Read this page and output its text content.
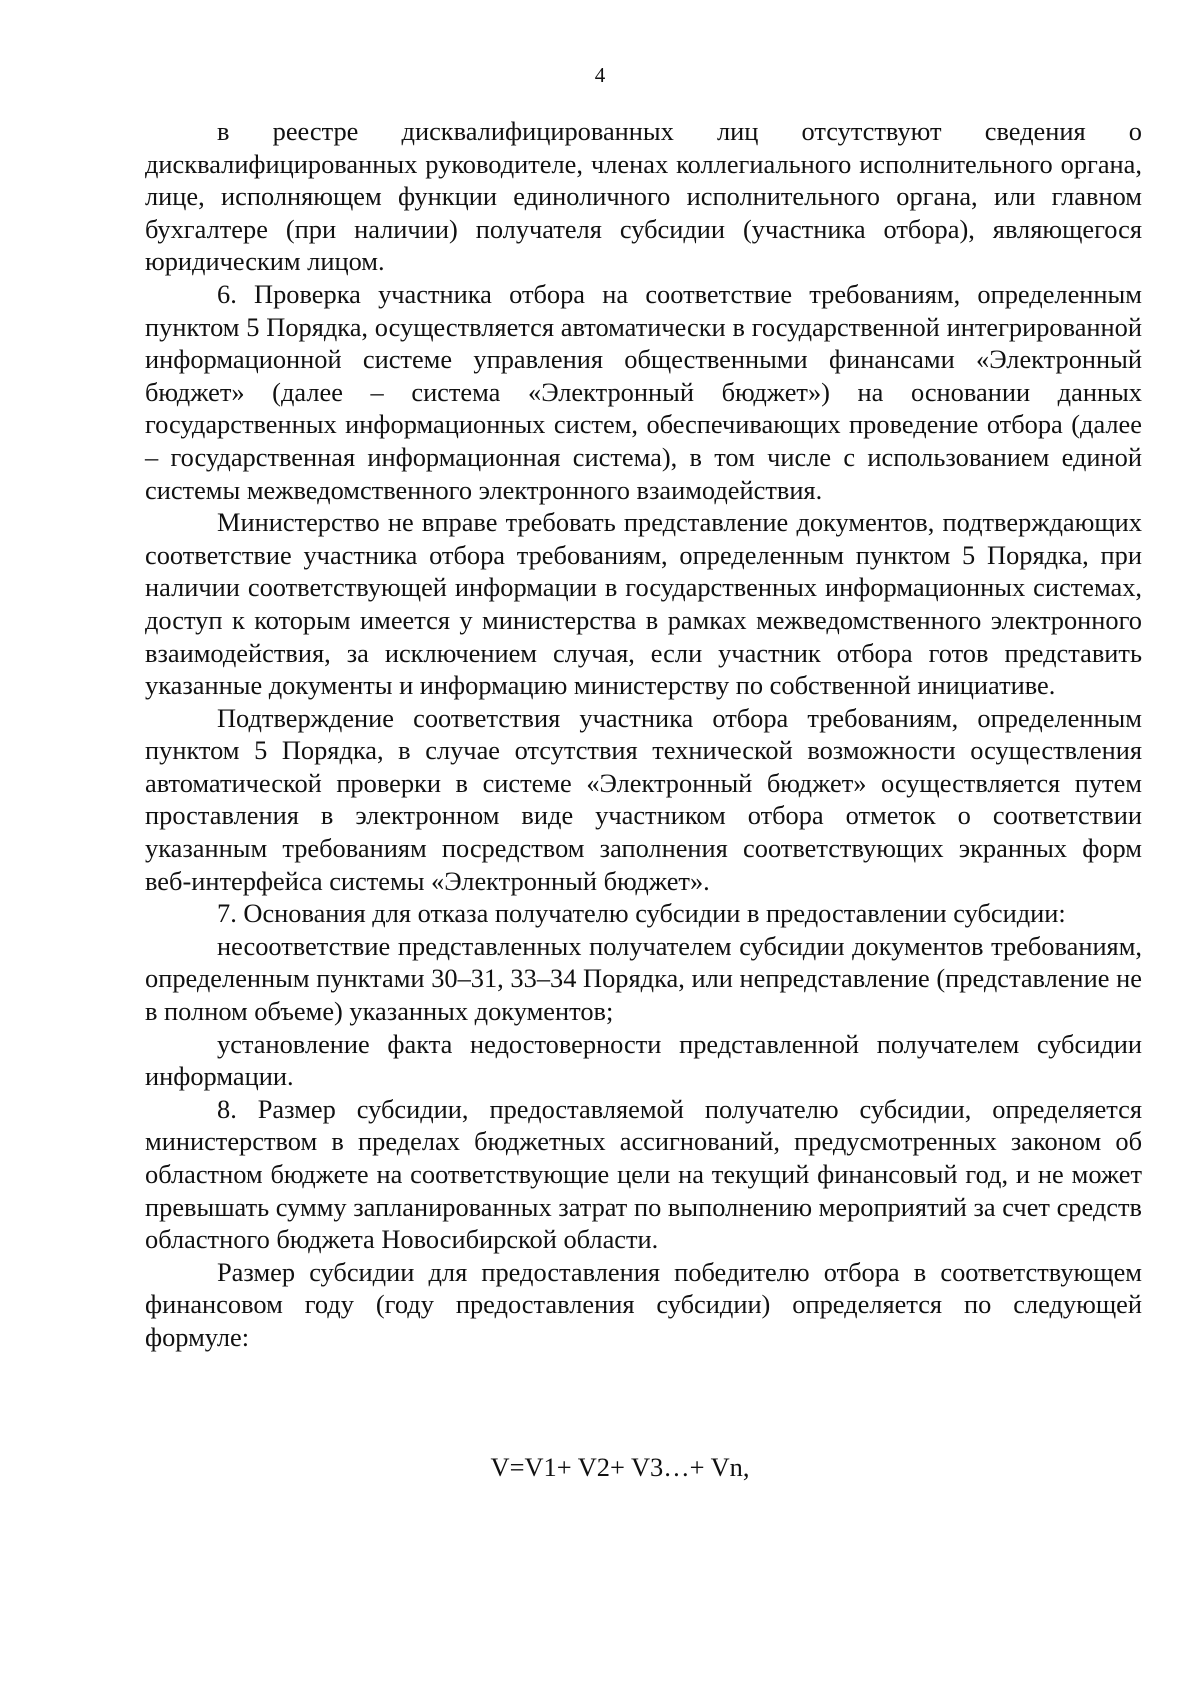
4

в реестре дисквалифицированных лиц отсутствуют сведения о дисквалифицированных руководителе, членах коллегиального исполнительного органа, лице, исполняющем функции единоличного исполнительного органа, или главном бухгалтере (при наличии) получателя субсидии (участника отбора), являющегося юридическим лицом.

6. Проверка участника отбора на соответствие требованиям, определенным пунктом 5 Порядка, осуществляется автоматически в государственной интегрированной информационной системе управления общественными финансами «Электронный бюджет» (далее – система «Электронный бюджет») на основании данных государственных информационных систем, обеспечивающих проведение отбора (далее – государственная информационная система), в том числе с использованием единой системы межведомственного электронного взаимодействия.

Министерство не вправе требовать представление документов, подтверждающих соответствие участника отбора требованиям, определенным пунктом 5 Порядка, при наличии соответствующей информации в государственных информационных системах, доступ к которым имеется у министерства в рамках межведомственного электронного взаимодействия, за исключением случая, если участник отбора готов представить указанные документы и информацию министерству по собственной инициативе.

Подтверждение соответствия участника отбора требованиям, определенным пунктом 5 Порядка, в случае отсутствия технической возможности осуществления автоматической проверки в системе «Электронный бюджет» осуществляется путем проставления в электронном виде участником отбора отметок о соответствии указанным требованиям посредством заполнения соответствующих экранных форм веб-интерфейса системы «Электронный бюджет».

7. Основания для отказа получателю субсидии в предоставлении субсидии:

несоответствие представленных получателем субсидии документов требованиям, определенным пунктами 30–31, 33–34 Порядка, или непредставление (представление не в полном объеме) указанных документов;

установление факта недостоверности представленной получателем субсидии информации.

8. Размер субсидии, предоставляемой получателю субсидии, определяется министерством в пределах бюджетных ассигнований, предусмотренных законом об областном бюджете на соответствующие цели на текущий финансовый год, и не может превышать сумму запланированных затрат по выполнению мероприятий за счет средств областного бюджета Новосибирской области.

Размер субсидии для предоставления победителю отбора в соответствующем финансовом году (году предоставления субсидии) определяется по следующей формуле:

V=V1+ V2+ V3…+ Vn,
